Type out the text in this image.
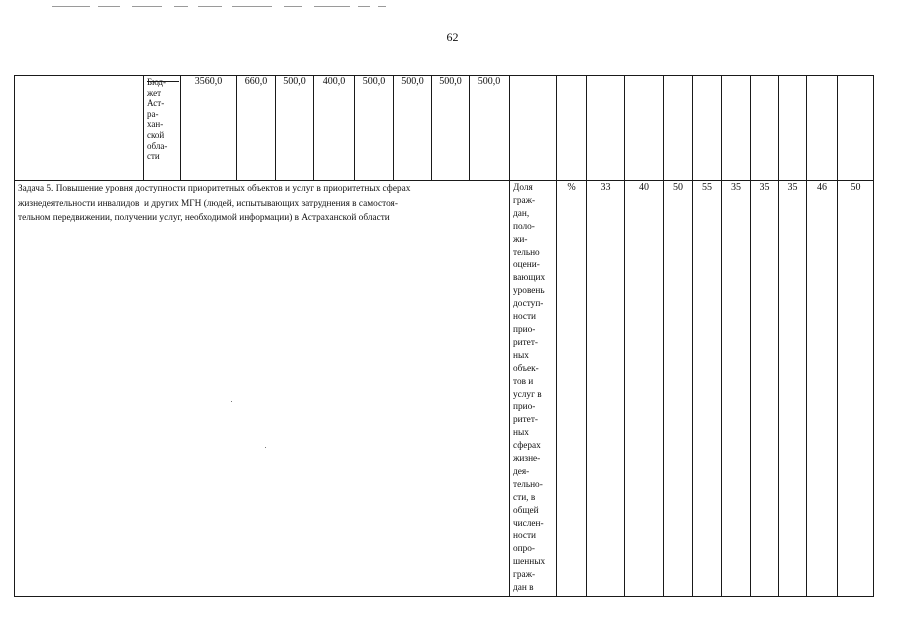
62
Бюд-
жет
Аст-
ра-
хан-
ской
обла-
сти
3560,0	660,0	500,0	400,0	500,0	500,0	500,0	500,0
Задача 5. Повышение уровня доступности приоритетных объектов и услуг в приоритетных сферах
жизнедеятельности инвалидов  и других МГН (людей, испытывающих затруднения в самостоя-
тельном передвижении, получении услуг, необходимой информации) в Астраханской области
Доля
граж-
дан,
поло-
жи-
тельно
оцени-
вающих
уровень
доступ-
ности
прио-
ритет-
ных
объек-
тов и
услуг в
прио-
ритет-
ных
сферах
жизне-
дея-
тельно-
сти, в
общей
числен-
ности
опро-
шенных
граж-
дан в
%	33	40	50	55	35	35	35	46	50
